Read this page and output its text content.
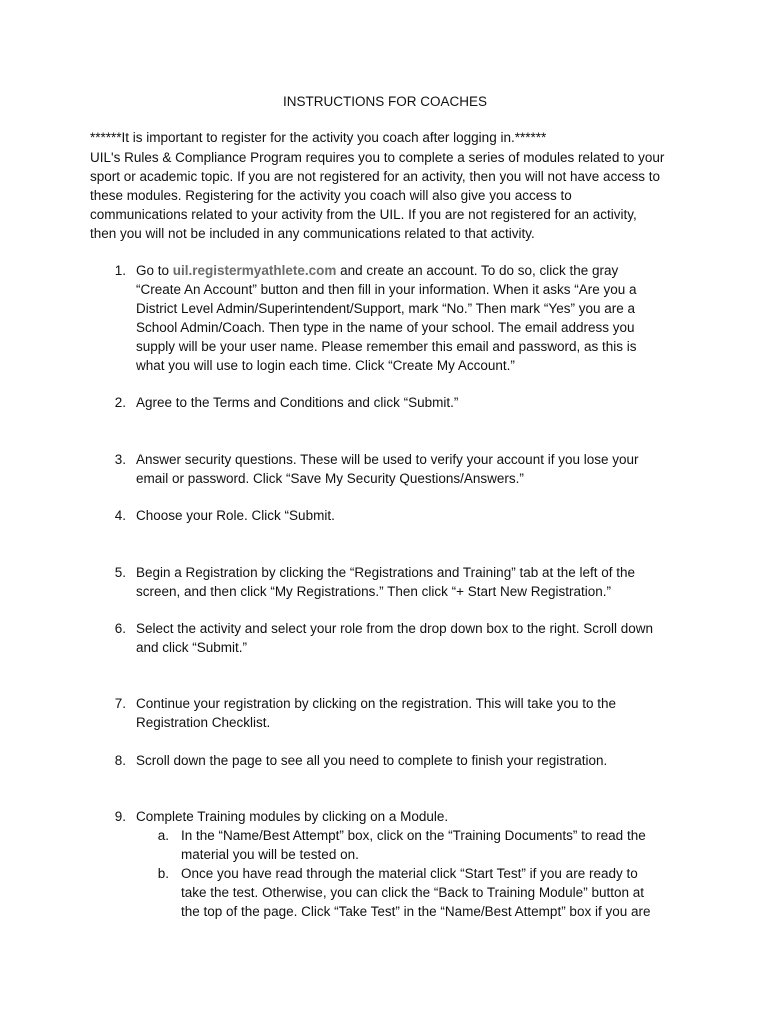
INSTRUCTIONS FOR COACHES
******It is important to register for the activity you coach after logging in.******
UIL's Rules & Compliance Program requires you to complete a series of modules related to your
sport or academic topic. If you are not registered for an activity, then you will not have access to
these modules. Registering for the activity you coach will also give you access to
communications related to your activity from the UIL. If you are not registered for an activity,
then you will not be included in any communications related to that activity.
1. Go to uil.registermyathlete.com and create an account. To do so, click the gray
“Create An Account” button and then fill in your information. When it asks “Are you a
District Level Admin/Superintendent/Support, mark “No.” Then mark “Yes” you are a
School Admin/Coach. Then type in the name of your school. The email address you
supply will be your user name. Please remember this email and password, as this is
what you will use to login each time. Click “Create My Account.”
2. Agree to the Terms and Conditions and click “Submit.”
3. Answer security questions. These will be used to verify your account if you lose your
email or password. Click “Save My Security Questions/Answers.”
4. Choose your Role. Click “Submit.
5. Begin a Registration by clicking the “Registrations and Training” tab at the left of the
screen, and then click “My Registrations.” Then click “+ Start New Registration.”
6. Select the activity and select your role from the drop down box to the right. Scroll down
and click “Submit.”
7. Continue your registration by clicking on the registration. This will take you to the
Registration Checklist.
8. Scroll down the page to see all you need to complete to finish your registration.
9. Complete Training modules by clicking on a Module.
a. In the “Name/Best Attempt” box, click on the “Training Documents” to read the
material you will be tested on.
b. Once you have read through the material click “Start Test” if you are ready to
take the test. Otherwise, you can click the “Back to Training Module” button at
the top of the page. Click “Take Test” in the “Name/Best Attempt” box if you are
